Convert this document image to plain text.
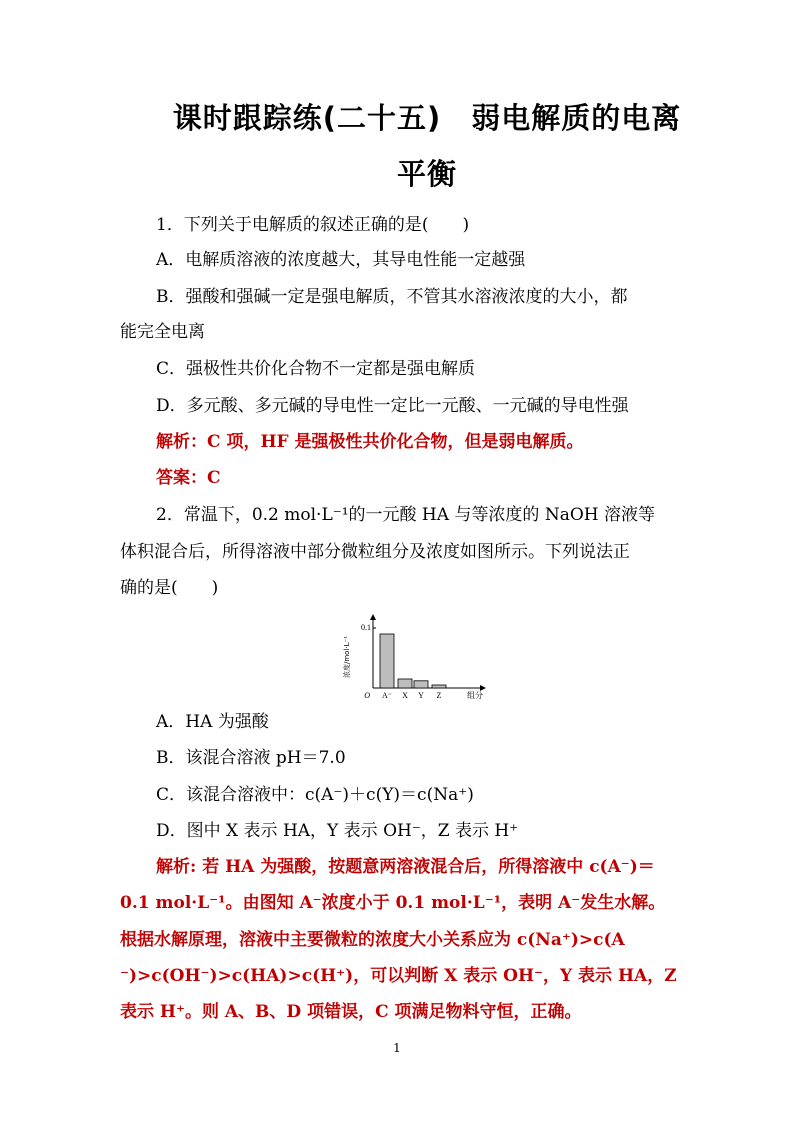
课时跟踪练(二十五)　弱电解质的电离
平衡
1．下列关于电解质的叙述正确的是(　　)
A．电解质溶液的浓度越大，其导电性能一定越强
B．强酸和强碱一定是强电解质，不管其水溶液浓度的大小，都
能完全电离
C．强极性共价化合物不一定都是强电解质
D．多元酸、多元碱的导电性一定比一元酸、一元碱的导电性强
解析：C 项，HF 是强极性共价化合物，但是弱电解质。
答案：C
2．常温下，0.2 mol·L⁻¹的一元酸 HA 与等浓度的 NaOH 溶液等
体积混合后，所得溶液中部分微粒组分及浓度如图所示。下列说法正
确的是(　　)
0.1
O
浓度/mol·L⁻¹
组分
A⁻ X Y Z
A．HA 为强酸
B．该混合溶液 pH＝7.0
C．该混合溶液中：c(A⁻)＋c(Y)＝c(Na⁺)
D．图中 X 表示 HA，Y 表示 OH⁻，Z 表示 H⁺
解析: 若 HA 为强酸，按题意两溶液混合后，所得溶液中 c(A⁻)＝
0.1 mol·L⁻¹。由图知 A⁻浓度小于 0.1 mol·L⁻¹，表明 A⁻发生水解。
根据水解原理，溶液中主要微粒的浓度大小关系应为 c(Na⁺)>c(A
⁻)>c(OH⁻)>c(HA)>c(H⁺)，可以判断 X 表示 OH⁻，Y 表示 HA，Z
表示 H⁺。则 A、B、D 项错误，C 项满足物料守恒，正确。
1
